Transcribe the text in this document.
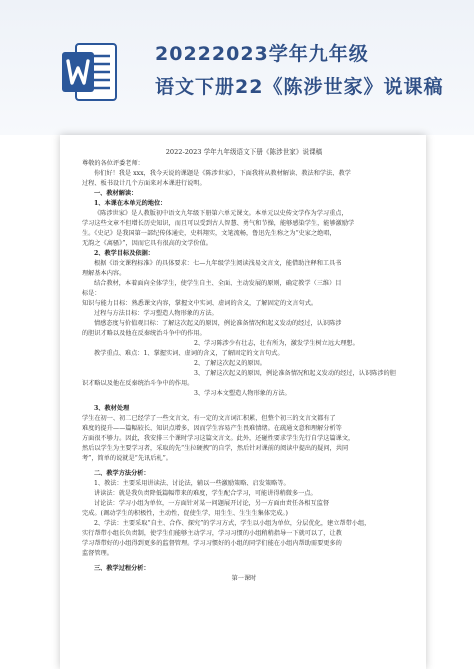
20222023学年九年级
语文下册22《陈涉世家》说课稿

2022-2023 学年九年级语文下册《陈涉世家》说课稿

尊敬的各位评委老师：

你们好！我是 xxx，我今天说的课题是《陈涉世家》，下面我将从教材解读、教法和学法、教学

过程、板书设计几个方面来对本课进行说明。

一、教材解读：

1、本课在本单元的地位：

《陈涉世家》是人教版初中语文九年级下册第六单元课文。本单元以史传文学作为学习重点，

学习这些文章不但增长历史知识，而且可以受到古人智慧、勇气和节操，能够感染学生，能够激励学

生。《史记》是我国第一部纪传体通史，史料翔实，文笔流畅，鲁迅先生称之为“史家之绝唱，

无韵之《离骚》”，因而它具有很高的文学价值。

2、教学目标及依据：

根据《语文课程标准》的具体要求：七—九年级学生阅读浅易文言文，能借助注释和工具书

理解基本内容。

结合教材，本着面向全体学生，使学生自主、全面、主动发展的原则，确定教学（三维）目

标是：

知识与能力目标：熟悉课文内容，掌握文中实词、虚词的含义，了解固定的文言句式。

过程与方法目标：学习塑造人物形象的方法。

情感态度与价值观目标：了解这次起义的原因，例论准备情况和起义发动的经过，认识陈涉

的胆识才略以及他在反秦统治斗争中的作用。

2、学习陈涉少有壮志，壮有所为，激发学生树立远大理想。

教学重点、难点：1、掌握实词、虚词的含义，了解固定的文言句式。

2、了解这次起义的原因。

3、了解这次起义的原因，例论准备情况和起义发动的经过，认识陈涉的胆

识才略以及他在反秦统治斗争中的作用。

3、学习本文塑造人物形象的方法。

3、教材处理

学生在初一、初二已经学了一些文言文，有一定的文言词汇积累，但整个初三的文言文都有了

难度的提升——篇幅较长、知识点增多，因而学生容易产生畏难情绪。在疏通文意和理解分析等

方面很不够力。因此，我安排三个课时学习这篇文言文。此外，还碰性要求学生先行自学这篇课文，

然后以学生为主要学习者，采取的先“生拉硬拽”的自学，然后针对课前的阅读中提出的疑问，共同

考”，简单的说就是“先讯后札”。

二、教学方法分析：

1、教法：主要采用讲读法、讨论法，辅以一些激励策略、启发策略等。

讲读法：就是我负责降低篇幅带来的难度，学生配合学习，可能讲得稍微多一点。

讨论法：学习小组为单位，一方面针对某一问题展开讨论，另一方面由责任各相互监督

完成。(调动学生的积极性，主动性，促使生学，用生生、生生生集体完成。)

2、学法：主要采取“自主、合作、探究”的学习方式，学生以小组为单位，分层优化，建立帮带小组，

实行帮带小组长负责制，使学生们能够主动学习，学习习惯的小组稍稍指导一下就可以了，让教

学习帮带好的小组得到更多的监督管理。学习习惯好的小组的同学们能在小组内帮助需要更多的

监督管理。

三、教学过程分析：

第一课时
